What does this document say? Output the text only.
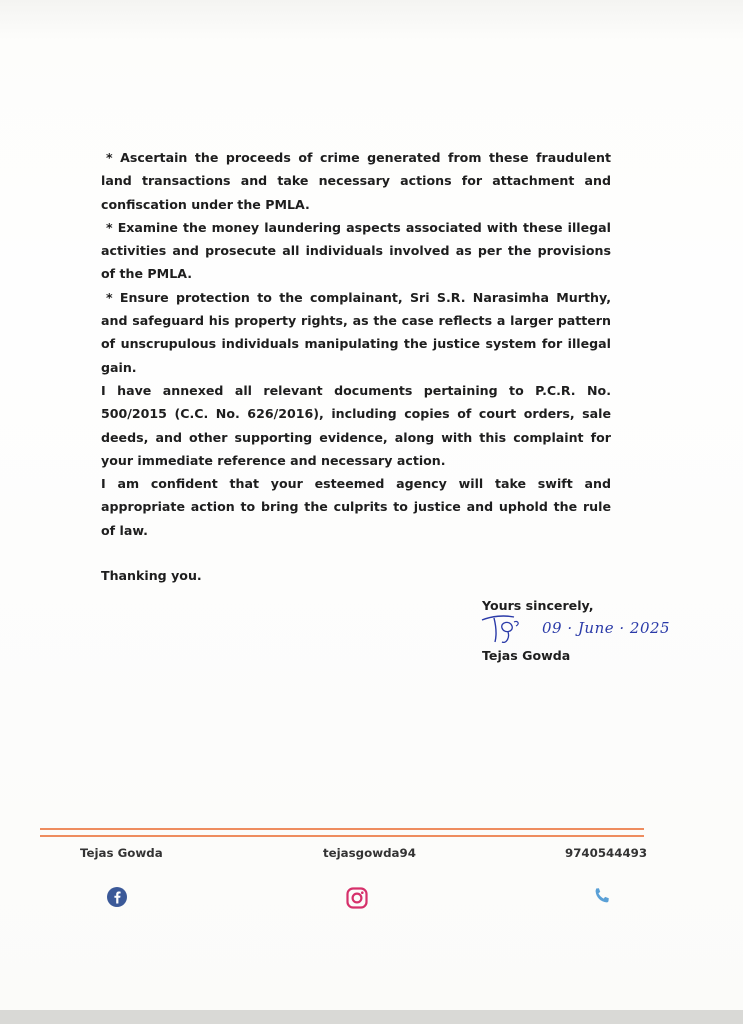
* Ascertain the proceeds of crime generated from these fraudulent land transactions and take necessary actions for attachment and confiscation under the PMLA.

* Examine the money laundering aspects associated with these illegal activities and prosecute all individuals involved as per the provisions of the PMLA.

* Ensure protection to the complainant, Sri S.R. Narasimha Murthy, and safeguard his property rights, as the case reflects a larger pattern of unscrupulous individuals manipulating the justice system for illegal gain.

I have annexed all relevant documents pertaining to P.C.R. No. 500/2015 (C.C. No. 626/2016), including copies of court orders, sale deeds, and other supporting evidence, along with this complaint for your immediate reference and necessary action.

I am confident that your esteemed agency will take swift and appropriate action to bring the culprits to justice and uphold the rule of law.

Thanking you.
Yours sincerely,
09 · June · 2025
Tejas Gowda
Tejas Gowda	tejasgowda94	9740544493
